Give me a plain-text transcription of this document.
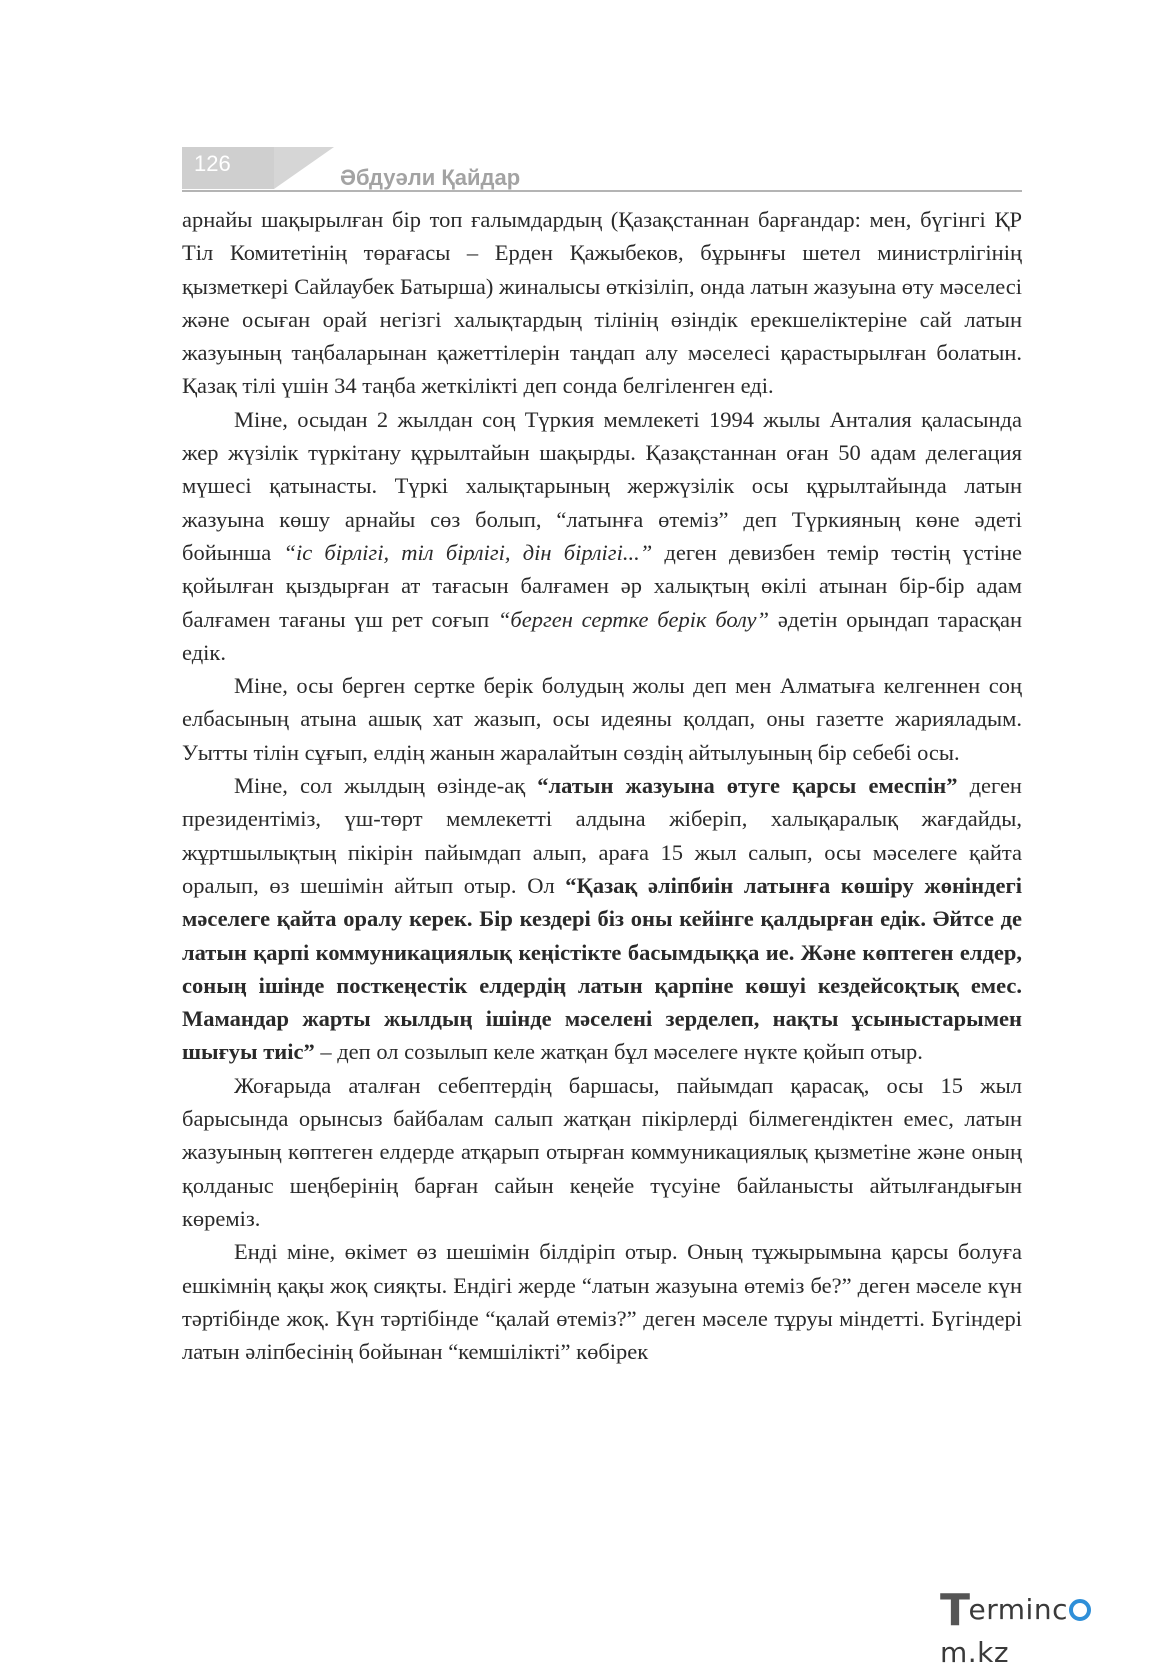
126
Әбдуәли Қайдар

арнайы шақырылған бір топ ғалымдардың (Қазақстаннан барғандар: мен, бүгінгі ҚР Тіл Комитетінің төрағасы – Ерден Қажыбеков, бұрынғы шетел министрлігінің қызметкері Сайлаубек Батырша) жиналысы өткізіліп, онда латын жазуына өту мәселесі және осыған орай негізгі халықтардың тілінің өзіндік ерекшеліктеріне сай латын жазуының таңбаларынан қажеттілерін таңдап алу мәселесі қарастырылған болатын. Қазақ тілі үшін 34 таңба жеткілікті деп сонда белгіленген еді.

Міне, осыдан 2 жылдан соң Түркия мемлекеті 1994 жылы Анталия қаласында жер жүзілік түркітану құрылтайын шақырды. Қазақстаннан оған 50 адам делегация мүшесі қатынасты. Түркі халықтарының жержүзілік осы құрылтайында латын жазуына көшу арнайы сөз болып, “латынға өтеміз” деп Түркияның көне әдеті бойынша “іс бірлігі, тіл бірлігі, дін бірлігі...” деген девизбен темір төстің үстіне қойылған қыздырған ат тағасын балғамен әр халықтың өкілі атынан бір-бір адам балғамен тағаны үш рет соғып “берген сертке берік болу” әдетін орындап тарасқан едік.

Міне, осы берген сертке берік болудың жолы деп мен Алматыға келгеннен соң елбасының атына ашық хат жазып, осы идеяны қолдап, оны газетте жарияладым. Уытты тілін сұғып, елдің жанын жаралайтын сөздің айтылуының бір себебі осы.

Міне, сол жылдың өзінде-ақ “латын жазуына өтуге қарсы емеспін” деген президентіміз, үш-төрт мемлекетті алдына жіберіп, халықаралық жағдайды, жұртшылықтың пікірін пайымдап алып, араға 15 жыл салып, осы мәселеге қайта оралып, өз шешімін айтып отыр. Ол “Қазақ әліпбиін латынға көшіру жөніндегі мәселеге қайта оралу керек. Бір кездері біз оны кейінге қалдырған едік. Әйтсе де латын қарпі коммуникациялық кеңістікте басымдыққа ие. Және көптеген елдер, соның ішінде посткеңестік елдердің латын қарпіне көшуі кездейсоқтық емес. Мамандар жарты жылдың ішінде мәселені зерделеп, нақты ұсыныстарымен шығуы тиіс” – деп ол созылып келе жатқан бұл мәселеге нүкте қойып отыр.

Жоғарыда аталған себептердің баршасы, пайымдап қарасақ, осы 15 жыл барысында орынсыз байбалам салып жатқан пікірлерді білмегендіктен емес, латын жазуының көптеген елдерде атқарып отырған коммуникациялық қызметіне және оның қолданыс шеңберінің барған сайын кеңейе түсуіне байланысты айтылғандығын көреміз.

Енді міне, өкімет өз шешімін білдіріп отыр. Оның тұжырымына қарсы болуға ешкімнің қақы жоқ сияқты. Ендігі жерде “латын жазуына өтеміз бе?” деген мәселе күн тәртібінде жоқ. Күн тәртібінде “қалай өтеміз?” деген мәселе тұруы міндетті. Бүгіндері латын әліпбесінің бойынан “кемшілікті” көбірек

Termincm.kz
